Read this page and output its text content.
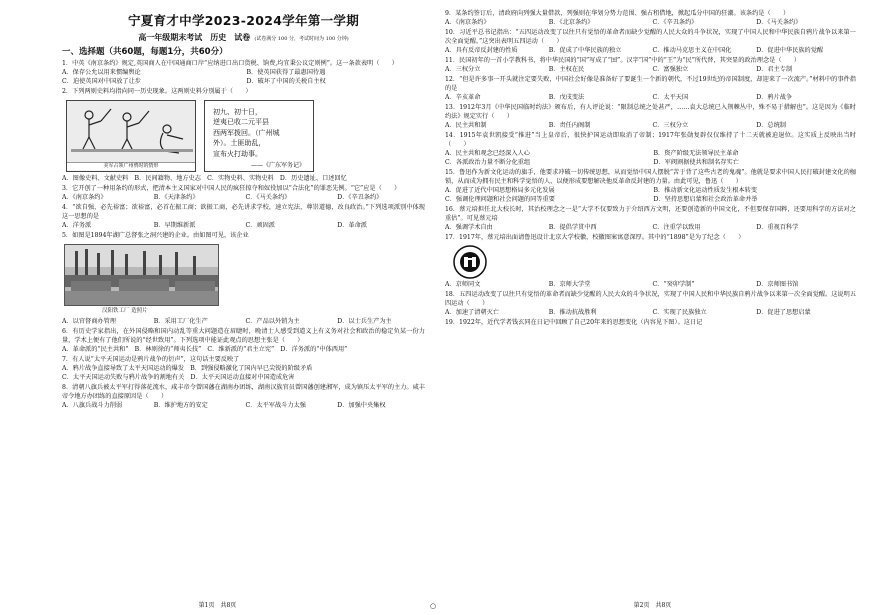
宁夏育才中学2023-2024学年第一学期
高一年级期末考试　历史　试卷 (试卷满分 100 分，考试时间为 100 分钟)
一、选择题（共60题，每题1分，共60分）
1．中英《南京条约》规定,英国商人在中国通商口岸“应纳进口出口货税、饷费,均宜秉公议定则例”。这一条款表明（　　）
A．保存公允以用来惯编舆论	B．使英国获得了最惠国待遇
C．迫使英国对中国放了让步	D．破坏了中国的关税自主权
2．下列两则史料均指向同一历史现象。这两则史料分别属于（　　）
美军占领广州鸦时的情形
初九、初十日，
逆夷已收二元平县
西两军拨回。（广州城
外）。土匪助乱，
宣布火打劫事。
——《广东军务记》
A．图像史料、文献史料　B．民间籍物、地方史志　C．实物史料、实物史料　D．历史遗址、口述回忆
3．它开创了一种用条约的形式，把清本主义国家对中国人民的疯狂掠夺和奴役加以“合法化”的罪恶先例。“它”应是（　　）
A．《南京条约》	B．《天津条约》	C．《马关条约》	D．《辛丑条约》
4．“欲自强，必先裕富；欲裕富，必首在振工商；欲振工商，必先讲求学校，速立宪法，尊崇道德，改良政治。”下列选项派别中体现这一思想的是
A．洋务派	B．早期维新派	C．顽固派	D．革命派
5．如图是1894年湖广总督张之洞兴建的企业。由如图可见，该企业
汉阳铁工厂 造照片
A．以官督商办管理	B．采用工厂化生产	C．产品以外销为主	D．以士兵生产为主
6．有历史学家指出，在外国侵略和国内动乱等重大问题造在眉睫时，晚清士人感受到道义上有义务对社会和政治的稳定负某一份力量，学术上便有了他们所说的“经世致用”。下列选项中能证此观点的思想主张是（　　）
A．革命派的“民主共和”　B．林则徐的“师夷长技”　C．维新派的“君主立宪”　D．洋务派的“中体西用”
7．有人说“太平天国运动是鸦片战争的衍声”，这句话主要反映了
A．鸦片战争直接导致了太平天国运动的爆发　B．到强侵略激化了国内早已尖锐的阶级矛盾
C．太平天国运动失败与鸦片战争的割地有关　D．太平天国运动直接对中国造成危害
8．清朝八旗兵被太平军打得落花流水，咸丰帝令曾国藩在湖南办团练，湖南汉族官员曾国藩创建湘军，成为镇压太平军的主力。咸丰帝令地方办团练的直接原因是（　　）
A．八旗兵战斗力削弱	B．维护地方的安定	C．太平军战斗力太强	D．加强中央集权
第1页　共8页
9．某条约签订后，清政府向列强大量借款，列强则在华划分势力范围、强占租借地，掀起瓜分中国的狂潮。该条约是（　　）
A．《南京条约》	B．《北京条约》	C．《辛丑条约》	D．《马关条约》
10．习近平总书记指出：“五四运动改变了以往只有觉悟的革命者而缺少觉醒的人民大众的斗争状况，实现了中国人民和中华民族自鸦片战争以来第一次全面觉醒。”这突出表明五四运动（　　）
A．具有反帝反封建的性质	B．促成了中华民族的独立	C．推动马克思主义在中国化	D．促进中华民族的觉醒
11．民国初年的一首小学教科书，将中华民国的“国”写成了“囯”。汉字“国”中的“王”为“民”所代替，其突显的政治理念是（　　）
A．三权分立	B．主权在民	C．富强独立	D．君主专制
12．“但是许多事一开头就注定要失败，中国社会好像是准备好了要诞生一个新的朝代，不过19世纪的帝国制度，却迎来了一次流产。”材料中的事件指的是
A．辛亥革命	B．戊戌变法	C．太平天国	D．鸦片战争
13．1912年3月《中华民国临时约法》颁布后，有人评论说：“限制总统之处甚严，……袁大总统已入荆棘丛中，殊不易于措解也”。这是因为《临时约法》规定实行（　　）
A．民主共和制	B．责任内阁制	C．三权分立	D．总统制
14．1915年袁世凯接受“推进”当上皇帝后，很快护国运动即取消了帝制；1917年张勋复辟仅仅维持了十二天就被迫退位。这实质上反映出当时（　　）
A．民主共和观念已经深入人心	B．资产阶级无法领导民主革命
C．各派政治力量不断分化重组	D．军阀割据使共和制名存实亡
15．鲁迅作为新文化运动的旗手，他要求冲破一切传统思想，从而觉悟中国人摆脱“苦于背了这些古老的鬼魂”。他就是要求中国人民打破封建文化的枷锁，从而成为拥有民主和科学觉悟的人，以便形成要想解决他反革命反封建的力量。由此可见，鲁迅（　　）
A．促进了近代中国思想格局多元化发展	B．推动新文化运动性质发生根本转变
C．强调伦理问题和社会问题的同等重要	D．坚持思想启蒙和社会政治革命并举
16．蔡元培担任北大校长时，其治校理念之一是“大学不仅要致力于介绍西方文明，还要创造新的中国文化，不但要保存国粹，还要用科学的方法对之重估”。可见蔡元培
A．强调学术自由	B．提倡学贯中西	C．注重学以致用	D．重视百科学
17．1917年，蔡元培出面请鲁迅设计北京大学校徽，校徽图案寓意深厚。其中的“1898”是为了纪念（　　）
A．京师同文	B．京师大学堂	C．“癸卯学制”	D．京师图书馆
18．五四运动改变了以往只有觉悟的革命者而缺少觉醒的人民大众的斗争状况，实现了中国人民和中华民族自鸦片战争以来第一次全面觉醒。这说明五四运动（　　）
A．加速了清朝灭亡	B．推动抗战胜利	C．实现了民族独立	D．促进了思想启蒙
19．1922年，近代学者钱玄同在日记中回顾了自己20年来的思想变化（内容见下图）。这日记
第2页　共8页
○
